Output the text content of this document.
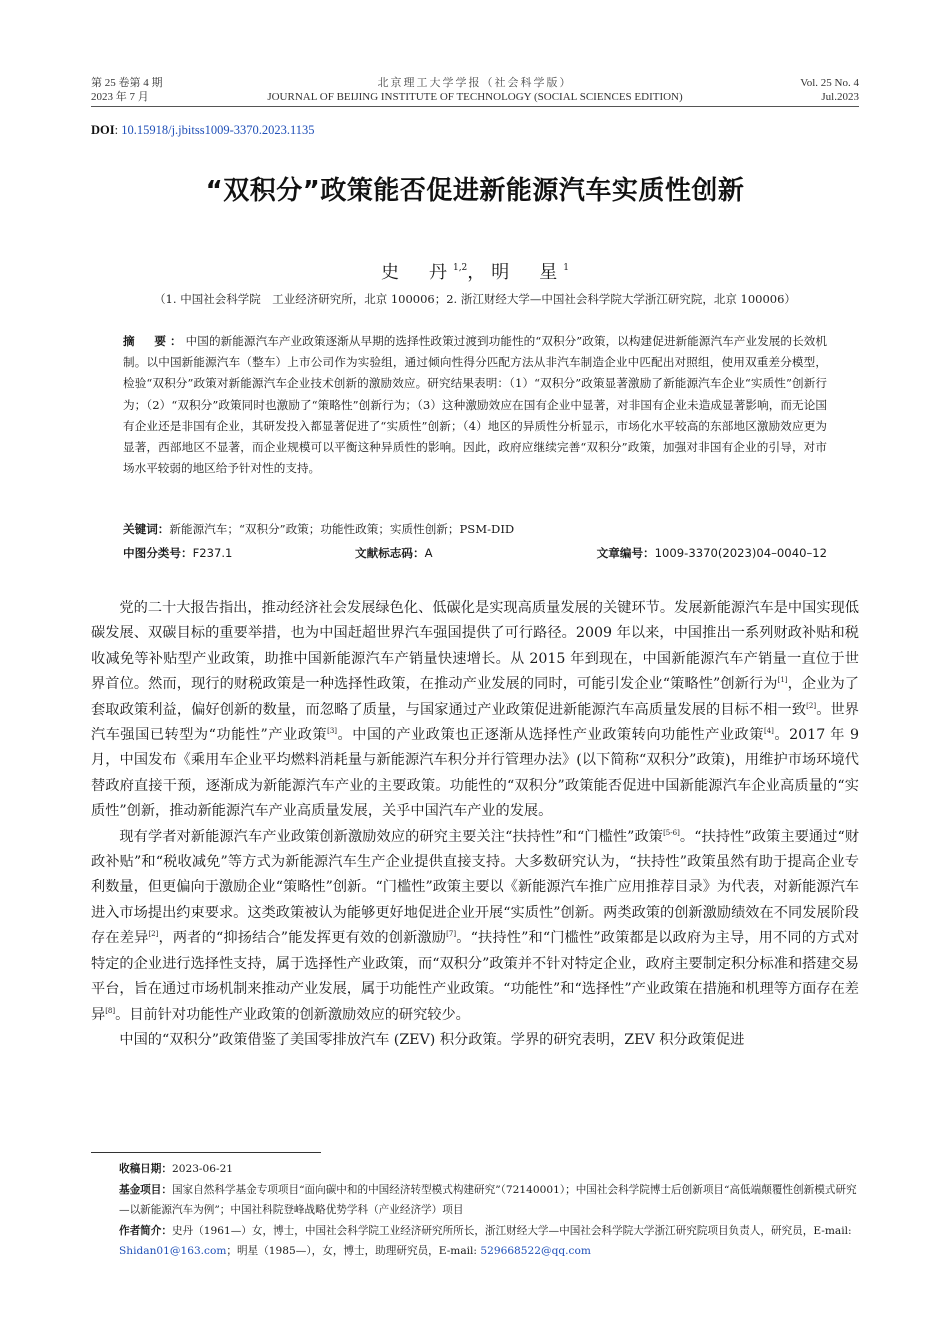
第 25 卷第 4 期
2023 年 7 月
北京理工大学学报（社会科学版）
JOURNAL OF BEIJING INSTITUTE OF TECHNOLOGY (SOCIAL SCIENCES EDITION)
Vol. 25 No. 4
Jul.2023
DOI: 10.15918/j.jbitss1009-3370.2023.1135
“双积分”政策能否促进新能源汽车实质性创新
史　丹$^{1,2}$，明　星$^1$
（1. 中国社会科学院　工业经济研究所，北京 100006；2. 浙江财经大学—中国社会科学院大学浙江研究院，北京 100006）
摘　要：中国的新能源汽车产业政策逐渐从早期的选择性政策过渡到功能性的“双积分”政策，以构建促进新能源汽车产业发展的长效机制。以中国新能源汽车（整车）上市公司作为实验组，通过倾向性得分匹配方法从非汽车制造企业中匹配出对照组，使用双重差分模型，检验“双积分”政策对新能源汽车企业技术创新的激励效应。研究结果表明：（1）“双积分”政策显著激励了新能源汽车企业“实质性”创新行为；（2）“双积分”政策同时也激励了“策略性”创新行为；（3）这种激励效应在国有企业中显著，对非国有企业未造成显著影响，而无论国有企业还是非国有企业，其研发投入都显著促进了“实质性”创新；（4）地区的异质性分析显示，市场化水平较高的东部地区激励效应更为显著，西部地区不显著，而企业规模可以平衡这种异质性的影响。因此，政府应继续完善“双积分”政策，加强对非国有企业的引导，对市场水平较弱的地区给予针对性的支持。
关键词：新能源汽车；“双积分”政策；功能性政策；实质性创新；PSM-DID
中图分类号：F237.1	文献标志码：A	文章编号：1009-3370(2023)04–0040–12

党的二十大报告指出，推动经济社会发展绿色化、低碳化是实现高质量发展的关键环节。发展新能源汽车是中国实现低碳发展、双碳目标的重要举措，也为中国赶超世界汽车强国提供了可行路径。2009 年以来，中国推出一系列财政补贴和税收减免等补贴型产业政策，助推中国新能源汽车产销量快速增长。从 2015 年到现在，中国新能源汽车产销量一直位于世界首位。然而，现行的财税政策是一种选择性政策，在推动产业发展的同时，可能引发企业“策略性”创新行为[1]，企业为了套取政策利益，偏好创新的数量，而忽略了质量，与国家通过产业政策促进新能源汽车高质量发展的目标不相一致[2]。世界汽车强国已转型为“功能性”产业政策[3]。中国的产业政策也正逐渐从选择性产业政策转向功能性产业政策[4]。2017 年 9 月，中国发布《乘用车企业平均燃料消耗量与新能源汽车积分并行管理办法》(以下简称“双积分”政策)，用维护市场环境代替政府直接干预，逐渐成为新能源汽车产业的主要政策。功能性的“双积分”政策能否促进中国新能源汽车企业高质量的“实质性”创新，推动新能源汽车产业高质量发展，关乎中国汽车产业的发展。

现有学者对新能源汽车产业政策创新激励效应的研究主要关注“扶持性”和“门槛性”政策[5-6]。“扶持性”政策主要通过“财政补贴”和“税收减免”等方式为新能源汽车生产企业提供直接支持。大多数研究认为，“扶持性”政策虽然有助于提高企业专利数量，但更偏向于激励企业“策略性”创新。“门槛性”政策主要以《新能源汽车推广应用推荐目录》为代表，对新能源汽车进入市场提出约束要求。这类政策被认为能够更好地促进企业开展“实质性”创新。两类政策的创新激励绩效在不同发展阶段存在差异[2]，两者的“抑扬结合”能发挥更有效的创新激励[7]。“扶持性”和“门槛性”政策都是以政府为主导，用不同的方式对特定的企业进行选择性支持，属于选择性产业政策，而“双积分”政策并不针对特定企业，政府主要制定积分标准和搭建交易平台，旨在通过市场机制来推动产业发展，属于功能性产业政策。“功能性”和“选择性”产业政策在措施和机理等方面存在差异[8]。目前针对功能性产业政策的创新激励效应的研究较少。

中国的“双积分”政策借鉴了美国零排放汽车 (ZEV) 积分政策。学界的研究表明，ZEV 积分政策促进

收稿日期：2023-06-21

基金项目：国家自然科学基金专项项目“面向碳中和的中国经济转型模式构建研究”（72140001）；中国社会科学院博士后创新项目“高低端颠覆性创新模式研究—以新能源汽车为例”；中国社科院登峰战略优势学科（产业经济学）项目

作者简介：史丹（1961—）女，博士，中国社会科学院工业经济研究所所长，浙江财经大学—中国社会科学院大学浙江研究院项目负责人，研究员，E-mail: Shidan01@163.com；明星（1985—），女，博士，助理研究员，E-mail: 529668522@qq.com
